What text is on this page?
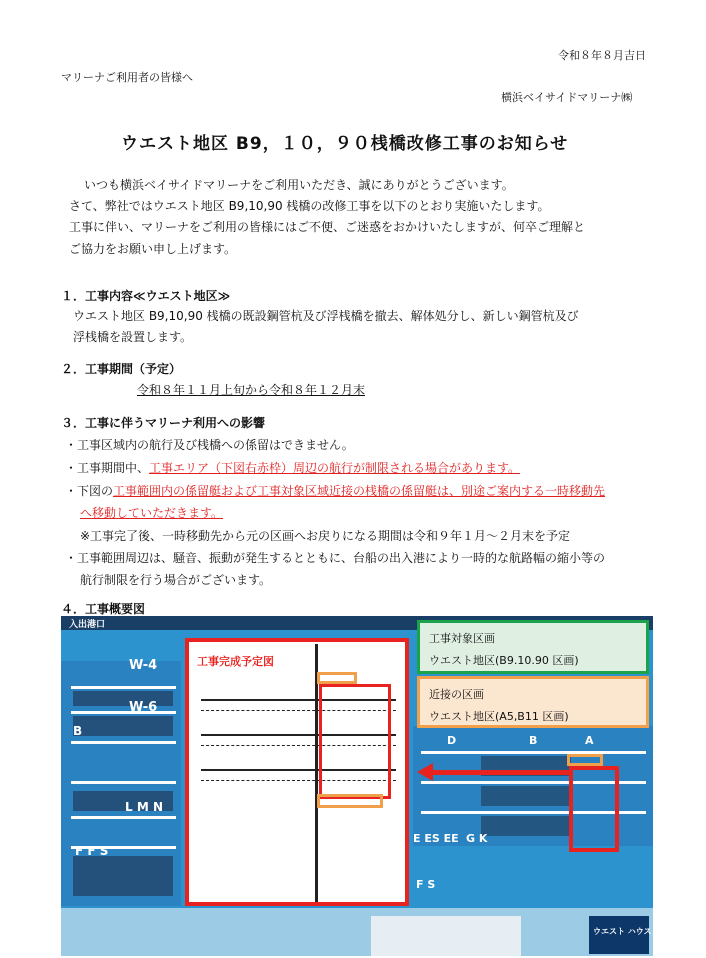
令和８年８月吉日
マリーナご利用者の皆様へ
横浜ベイサイドマリーナ㈱
ウエスト地区 B9，１０，９０桟橋改修工事のお知らせ
いつも横浜ベイサイドマリーナをご利用いただき、誠にありがとうございます。
さて、弊社ではウエスト地区 B9,10,90 桟橋の改修工事を以下のとおり実施いたします。
工事に伴い、マリーナをご利用の皆様にはご不便、ご迷惑をおかけいたしますが、何卒ご理解と
ご協力をお願い申し上げます。
１．工事内容≪ウエスト地区≫
ウエスト地区 B9,10,90 桟橋の既設鋼管杭及び浮桟橋を撤去、解体処分し、新しい鋼管杭及び
浮桟橋を設置します。
２．工事期間（予定）
令和８年１１月上旬から令和８年１２月末
３．工事に伴うマリーナ利用への影響
・工事区域内の航行及び桟橋への係留はできません。
・工事期間中、工事エリア（下図右赤枠）周辺の航行が制限される場合があります。
・下図の工事範囲内の係留艇および工事対象区域近接の桟橋の係留艇は、別途ご案内する一時移動先
へ移動していただきます。
※工事完了後、一時移動先から元の区画へお戻りになる期間は令和９年１月～２月末を予定
・工事範囲周辺は、騒音、振動が発生するとともに、台船の出入港により一時的な航路幅の縮小等の
航行制限を行う場合がございます。
４．工事概要図
入出港口
W-4
W-6
B
L M N
F F S
ウエスト ハウス
D	B	A
E ES EE G K
F S
工事完成予定図
工事対象区画
ウエスト地区(B9.10.90 区画)
近接の区画
ウエスト地区(A5,B11 区画)
